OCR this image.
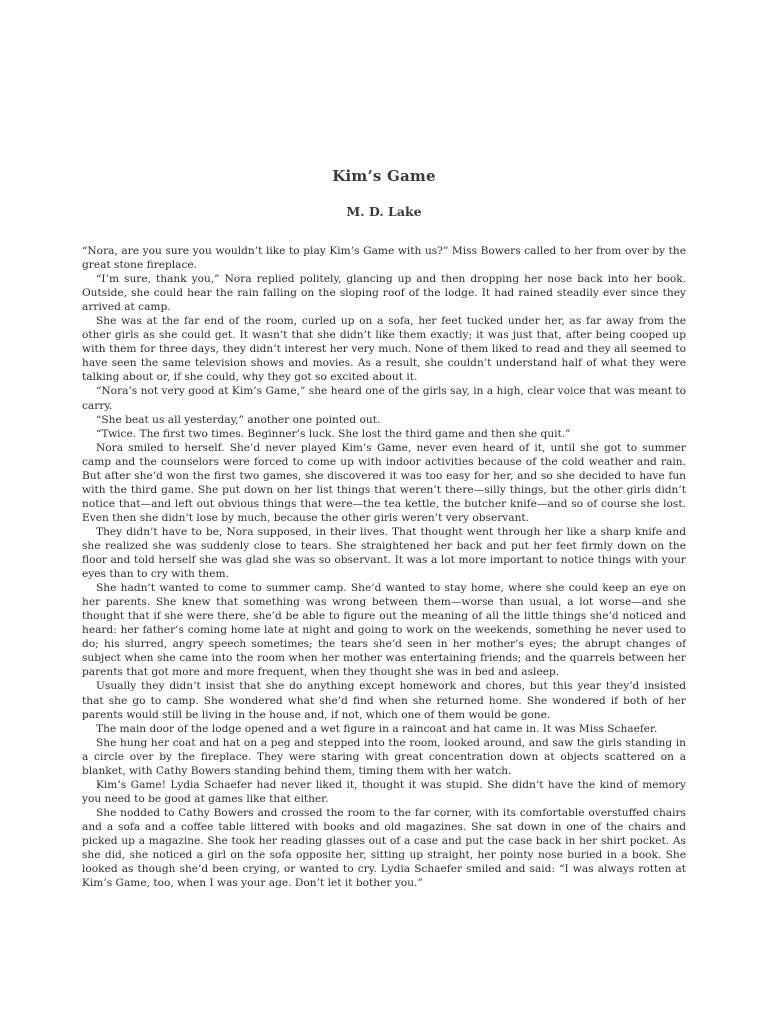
Kim’s Game
M. D. Lake

“Nora, are you sure you wouldn’t like to play Kim’s Game with us?” Miss Bowers called to her from over by the great stone fireplace.

“I’m sure, thank you,” Nora replied politely, glancing up and then dropping her nose back into her book. Outside, she could hear the rain falling on the sloping roof of the lodge. It had rained steadily ever since they arrived at camp.

She was at the far end of the room, curled up on a sofa, her feet tucked under her, as far away from the other girls as she could get. It wasn’t that she didn’t like them exactly; it was just that, after being cooped up with them for three days, they didn’t interest her very much. None of them liked to read and they all seemed to have seen the same television shows and movies. As a result, she couldn’t understand half of what they were talking about or, if she could, why they got so excited about it.

“Nora’s not very good at Kim’s Game,” she heard one of the girls say, in a high, clear voice that was meant to carry.

“She beat us all yesterday,” another one pointed out.

“Twice. The first two times. Beginner’s luck. She lost the third game and then she quit.”

Nora smiled to herself. She’d never played Kim’s Game, never even heard of it, until she got to summer camp and the counselors were forced to come up with indoor activities because of the cold weather and rain. But after she’d won the first two games, she discovered it was too easy for her, and so she decided to have fun with the third game. She put down on her list things that weren’t there—silly things, but the other girls didn’t notice that—and left out obvious things that were—the tea kettle, the butcher knife—and so of course she lost. Even then she didn’t lose by much, because the other girls weren’t very observant.

They didn’t have to be, Nora supposed, in their lives. That thought went through her like a sharp knife and she realized she was suddenly close to tears. She straightened her back and put her feet firmly down on the floor and told herself she was glad she was so observant. It was a lot more important to notice things with your eyes than to cry with them.

She hadn’t wanted to come to summer camp. She’d wanted to stay home, where she could keep an eye on her parents. She knew that something was wrong between them—worse than usual, a lot worse—and she thought that if she were there, she’d be able to figure out the meaning of all the little things she’d noticed and heard: her father’s coming home late at night and going to work on the weekends, something he never used to do; his slurred, angry speech sometimes; the tears she’d seen in her mother’s eyes; the abrupt changes of subject when she came into the room when her mother was entertaining friends; and the quarrels between her parents that got more and more frequent, when they thought she was in bed and asleep.

Usually they didn’t insist that she do anything except homework and chores, but this year they’d insisted that she go to camp. She wondered what she’d find when she returned home. She wondered if both of her parents would still be living in the house and, if not, which one of them would be gone.

The main door of the lodge opened and a wet figure in a raincoat and hat came in. It was Miss Schaefer.

She hung her coat and hat on a peg and stepped into the room, looked around, and saw the girls standing in a circle over by the fireplace. They were staring with great concentration down at objects scattered on a blanket, with Cathy Bowers standing behind them, timing them with her watch.

Kim’s Game! Lydia Schaefer had never liked it, thought it was stupid. She didn’t have the kind of memory you need to be good at games like that either.

She nodded to Cathy Bowers and crossed the room to the far corner, with its comfortable overstuffed chairs and a sofa and a coffee table littered with books and old magazines. She sat down in one of the chairs and picked up a magazine. She took her reading glasses out of a case and put the case back in her shirt pocket. As she did, she noticed a girl on the sofa opposite her, sitting up straight, her pointy nose buried in a book. She looked as though she’d been crying, or wanted to cry. Lydia Schaefer smiled and said: “I was always rotten at Kim’s Game, too, when I was your age. Don’t let it bother you.”
